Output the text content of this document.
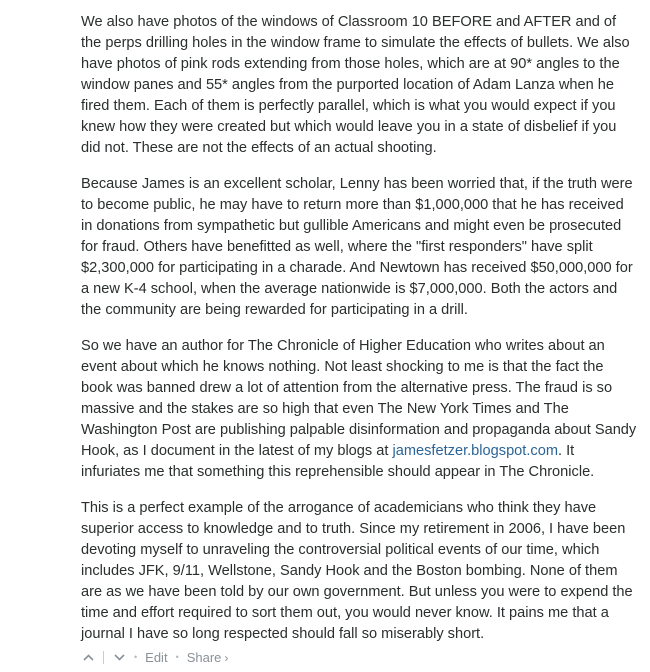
We also have photos of the windows of Classroom 10 BEFORE and AFTER and of the perps drilling holes in the window frame to simulate the effects of bullets. We also have photos of pink rods extending from those holes, which are at 90* angles to the window panes and 55* angles from the purported location of Adam Lanza when he fired them. Each of them is perfectly parallel, which is what you would expect if you knew how they were created but which would leave you in a state of disbelief if you did not. These are not the effects of an actual shooting.

Because James is an excellent scholar, Lenny has been worried that, if the truth were to become public, he may have to return more than $1,000,000 that he has received in donations from sympathetic but gullible Americans and might even be prosecuted for fraud. Others have benefitted as well, where the "first responders" have split $2,300,000 for participating in a charade. And Newtown has received $50,000,000 for a new K-4 school, when the average nationwide is $7,000,000. Both the actors and the community are being rewarded for participating in a drill.

So we have an author for The Chronicle of Higher Education who writes about an event about which he knows nothing. Not least shocking to me is that the fact the book was banned drew a lot of attention from the alternative press. The fraud is so massive and the stakes are so high that even The New York Times and The Washington Post are publishing palpable disinformation and propaganda about Sandy Hook, as I document in the latest of my blogs at jamesfetzer.blogspot.com. It infuriates me that something this reprehensible should appear in The Chronicle.

This is a perfect example of the arrogance of academicians who think they have superior access to knowledge and to truth. Since my retirement in 2006, I have been devoting myself to unraveling the controversial political events of our time, which includes JFK, 9/11, Wellstone, Sandy Hook and the Boston bombing. None of them are as we have been told by our own government. But unless you were to expend the time and effort required to sort them out, you would never know. It pains me that a journal I have so long respected should fall so miserably short.

• Edit • Share ›
